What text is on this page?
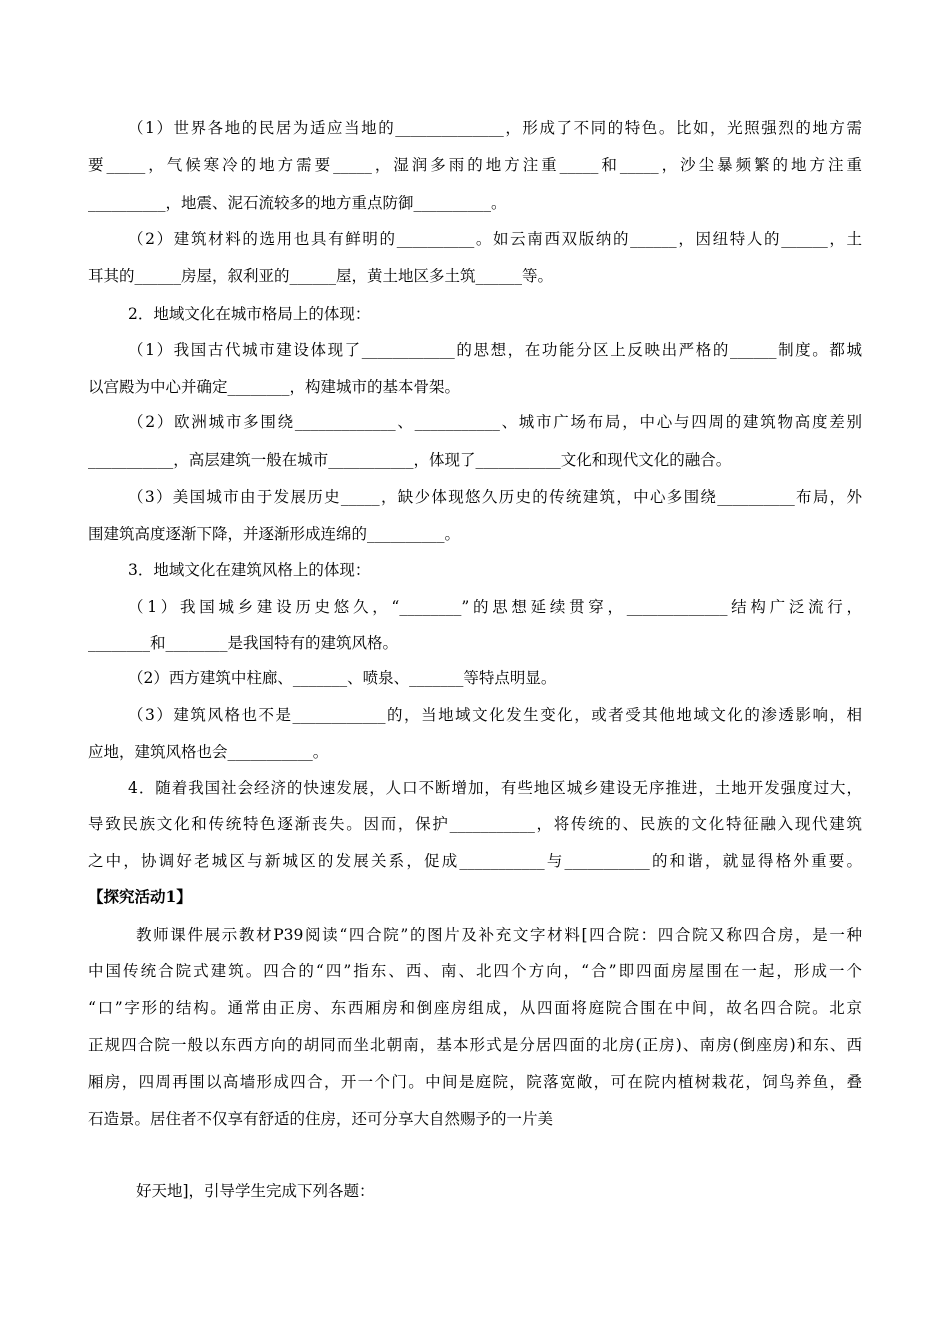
（1）世界各地的民居为适应当地的______________，形成了不同的特色。比如，光照强烈的地方需
要_____，气候寒冷的地方需要_____，湿润多雨的地方注重_____和_____，沙尘暴频繁的地方注重
__________，地震、泥石流较多的地方重点防御__________。
（2）建筑材料的选用也具有鲜明的__________。如云南西双版纳的______，因纽特人的______，土
耳其的______房屋，叙利亚的______屋，黄土地区多土筑______等。
2．地域文化在城市格局上的体现：
（1）我国古代城市建设体现了____________的思想，在功能分区上反映出严格的______制度。都城
以宫殿为中心并确定________，构建城市的基本骨架。
（2）欧洲城市多围绕_____________、___________、城市广场布局，中心与四周的建筑物高度差别
___________，高层建筑一般在城市___________，体现了___________文化和现代文化的融合。
（3）美国城市由于发展历史_____，缺少体现悠久历史的传统建筑，中心多围绕__________布局，外
围建筑高度逐渐下降，并逐渐形成连绵的__________。
3．地域文化在建筑风格上的体现：
（1）我国城乡建设历史悠久，“________”的思想延续贯穿，_____________结构广泛流行，
________和________是我国特有的建筑风格。
（2）西方建筑中柱廊、_______、喷泉、_______等特点明显。
（3）建筑风格也不是____________的，当地域文化发生变化，或者受其他地域文化的渗透影响，相
应地，建筑风格也会___________。
4．随着我国社会经济的快速发展，人口不断增加，有些地区城乡建设无序推进，土地开发强度过大，
导致民族文化和传统特色逐渐丧失。因而，保护___________，将传统的、民族的文化特征融入现代建筑
之中，协调好老城区与新城区的发展关系，促成___________与___________的和谐，就显得格外重要。
【探究活动1】
教师课件展示教材P39阅读“四合院”的图片及补充文字材料[四合院：四合院又称四合房，是一种
中国传统合院式建筑。四合的“四”指东、西、南、北四个方向，“合”即四面房屋围在一起，形成一个
“口”字形的结构。通常由正房、东西厢房和倒座房组成，从四面将庭院合围在中间，故名四合院。北京
正规四合院一般以东西方向的胡同而坐北朝南，基本形式是分居四面的北房(正房)、南房(倒座房)和东、西
厢房，四周再围以高墙形成四合，开一个门。中间是庭院，院落宽敞，可在院内植树栽花，饲鸟养鱼，叠
石造景。居住者不仅享有舒适的住房，还可分享大自然赐予的一片美
好天地]，引导学生完成下列各题：
